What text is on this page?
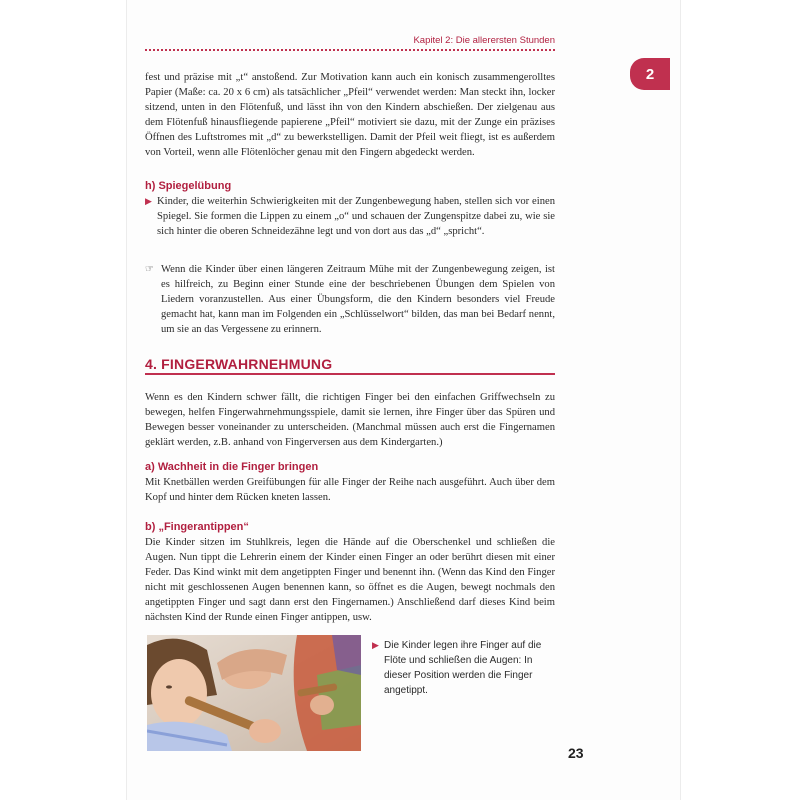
Kapitel 2: Die allerersten Stunden
2

fest und präzise mit „t“ anstoßend. Zur Motivation kann auch ein konisch zusammengerolltes Papier (Maße: ca. 20 x 6 cm) als tatsächlicher „Pfeil“ verwendet werden: Man steckt ihn, locker sitzend, unten in den Flötenfuß, und lässt ihn von den Kindern abschießen. Der zielgenau aus dem Flötenfuß hinausfliegende papierene „Pfeil“ motiviert sie dazu, mit der Zunge ein präzises Öffnen des Luftstromes mit „d“ zu bewerkstelligen. Damit der Pfeil weit fliegt, ist es außerdem von Vorteil, wenn alle Flötenlöcher genau mit den Fingern abgedeckt werden.

h) Spiegelübung
▶ Kinder, die weiterhin Schwierigkeiten mit der Zungenbewegung haben, stellen sich vor einen Spiegel. Sie formen die Lippen zu einem „o“ und schauen der Zungenspitze dabei zu, wie sie sich hinter die oberen Schneidezähne legt und von dort aus das „d“ „spricht“.

☞ Wenn die Kinder über einen längeren Zeitraum Mühe mit der Zungenbewegung zeigen, ist es hilfreich, zu Beginn einer Stunde eine der beschriebenen Übungen dem Spielen von Liedern voranzustellen. Aus einer Übungsform, die den Kindern besonders viel Freude gemacht hat, kann man im Folgenden ein „Schlüsselwort“ bilden, das man bei Bedarf nennt, um sie an das Vergessene zu erinnern.

4. FINGERWAHRNEHMUNG

Wenn es den Kindern schwer fällt, die richtigen Finger bei den einfachen Griffwechseln zu bewegen, helfen Fingerwahrnehmungsspiele, damit sie lernen, ihre Finger über das Spüren und Bewegen besser voneinander zu unterscheiden. (Manchmal müssen auch erst die Fingernamen geklärt werden, z.B. anhand von Fingerversen aus dem Kindergarten.)

a) Wachheit in die Finger bringen

Mit Knetbällen werden Greifübungen für alle Finger der Reihe nach ausgeführt. Auch über dem Kopf und hinter dem Rücken kneten lassen.

b) „Fingerantippen“

Die Kinder sitzen im Stuhlkreis, legen die Hände auf die Oberschenkel und schließen die Augen. Nun tippt die Lehrerin einem der Kinder einen Finger an oder berührt diesen mit einer Feder. Das Kind winkt mit dem angetippten Finger und benennt ihn. (Wenn das Kind den Finger nicht mit geschlossenen Augen benennen kann, so öffnet es die Augen, bewegt nochmals den angetippten Finger und sagt dann erst den Fingernamen.) Anschließend darf dieses Kind beim nächsten Kind der Runde einen Finger antippen, usw.

▶ Die Kinder legen ihre Finger auf die Flöte und schließen die Augen: In dieser Position werden die Finger angetippt.

23
